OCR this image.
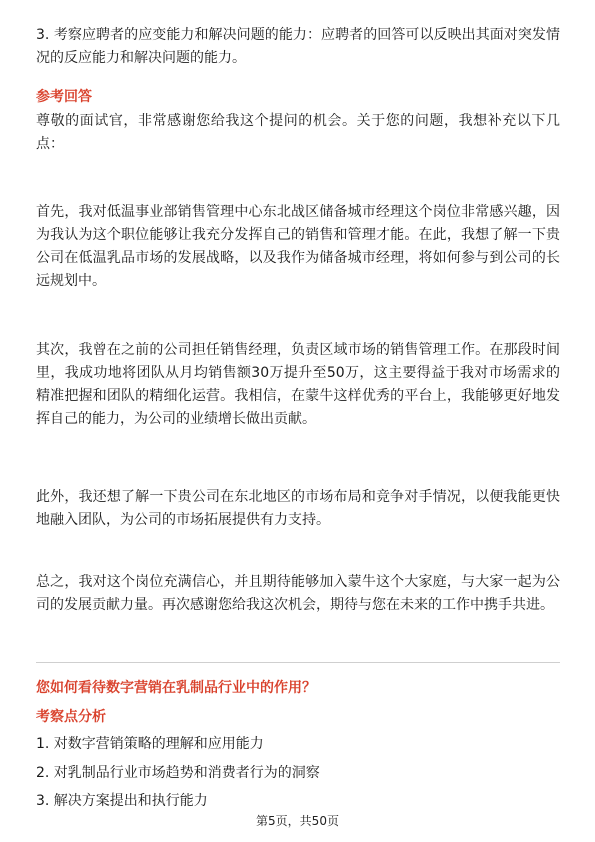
3. 考察应聘者的应变能力和解决问题的能力：应聘者的回答可以反映出其面对突发情况的反应能力和解决问题的能力。

参考回答

尊敬的面试官，非常感谢您给我这个提问的机会。关于您的问题，我想补充以下几点：

首先，我对低温事业部销售管理中心东北战区储备城市经理这个岗位非常感兴趣，因为我认为这个职位能够让我充分发挥自己的销售和管理才能。在此，我想了解一下贵公司在低温乳品市场的发展战略，以及我作为储备城市经理，将如何参与到公司的长远规划中。

其次，我曾在之前的公司担任销售经理，负责区域市场的销售管理工作。在那段时间里，我成功地将团队从月均销售额30万提升至50万，这主要得益于我对市场需求的精准把握和团队的精细化运营。我相信，在蒙牛这样优秀的平台上，我能够更好地发挥自己的能力，为公司的业绩增长做出贡献。

此外，我还想了解一下贵公司在东北地区的市场布局和竞争对手情况，以便我能更快地融入团队，为公司的市场拓展提供有力支持。

总之，我对这个岗位充满信心，并且期待能够加入蒙牛这个大家庭，与大家一起为公司的发展贡献力量。再次感谢您给我这次机会，期待与您在未来的工作中携手共进。

您如何看待数字营销在乳制品行业中的作用？

考察点分析

1. 对数字营销策略的理解和应用能力

2. 对乳制品行业市场趋势和消费者行为的洞察

3. 解决方案提出和执行能力

第5页，共50页
